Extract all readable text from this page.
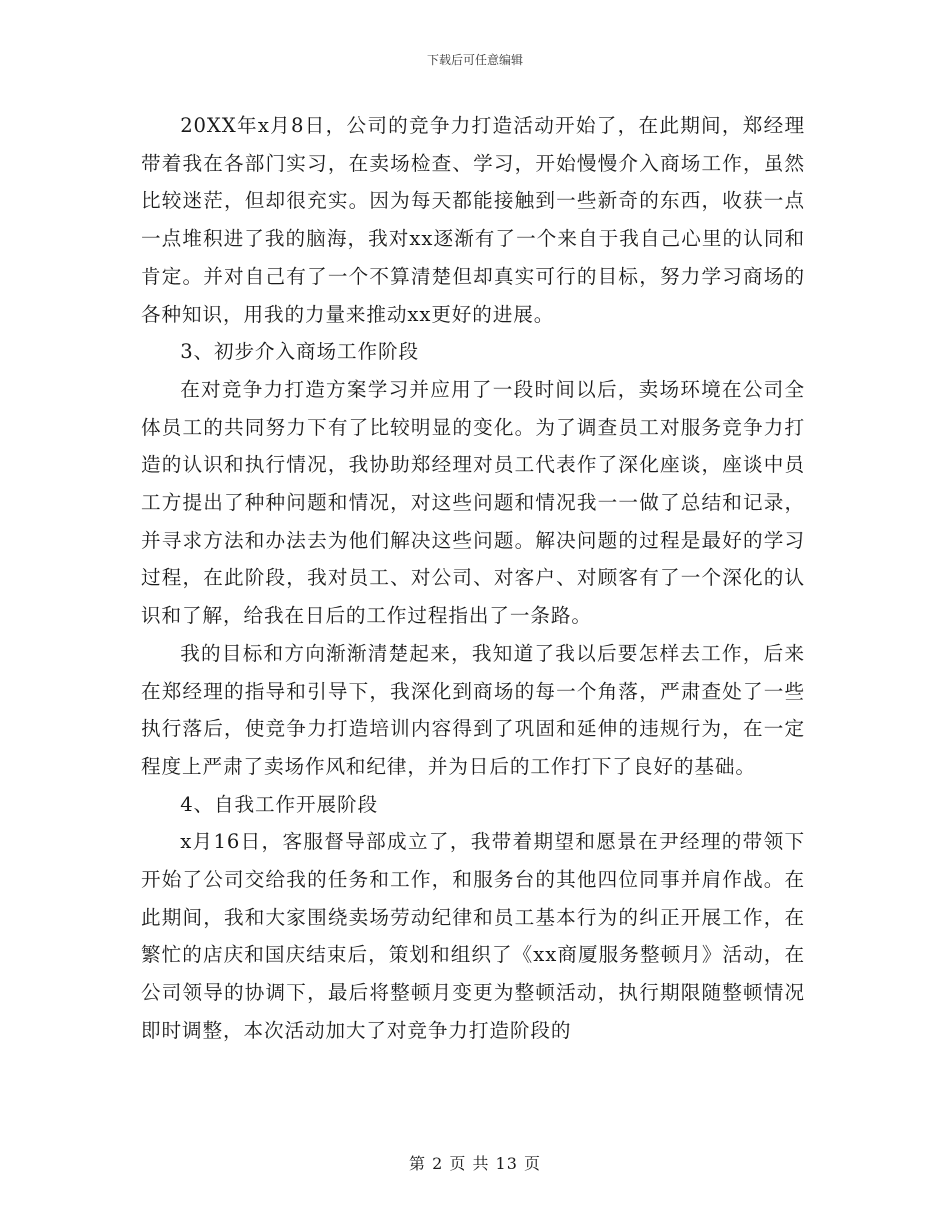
下载后可任意编辑

20XX年x月8日，公司的竞争力打造活动开始了，在此期间，郑经理带着我在各部门实习，在卖场检查、学习，开始慢慢介入商场工作，虽然比较迷茫，但却很充实。因为每天都能接触到一些新奇的东西，收获一点一点堆积进了我的脑海，我对xx逐渐有了一个来自于我自己心里的认同和肯定。并对自己有了一个不算清楚但却真实可行的目标，努力学习商场的各种知识，用我的力量来推动xx更好的进展。

3、初步介入商场工作阶段

在对竞争力打造方案学习并应用了一段时间以后，卖场环境在公司全体员工的共同努力下有了比较明显的变化。为了调查员工对服务竞争力打造的认识和执行情况，我协助郑经理对员工代表作了深化座谈，座谈中员工方提出了种种问题和情况，对这些问题和情况我一一做了总结和记录，并寻求方法和办法去为他们解决这些问题。解决问题的过程是最好的学习过程，在此阶段，我对员工、对公司、对客户、对顾客有了一个深化的认识和了解，给我在日后的工作过程指出了一条路。

我的目标和方向渐渐清楚起来，我知道了我以后要怎样去工作，后来在郑经理的指导和引导下，我深化到商场的每一个角落，严肃查处了一些执行落后，使竞争力打造培训内容得到了巩固和延伸的违规行为，在一定程度上严肃了卖场作风和纪律，并为日后的工作打下了良好的基础。

4、自我工作开展阶段

x月16日，客服督导部成立了，我带着期望和愿景在尹经理的带领下开始了公司交给我的任务和工作，和服务台的其他四位同事并肩作战。在此期间，我和大家围绕卖场劳动纪律和员工基本行为的纠正开展工作，在繁忙的店庆和国庆结束后，策划和组织了《xx商厦服务整顿月》活动，在公司领导的协调下，最后将整顿月变更为整顿活动，执行期限随整顿情况即时调整，本次活动加大了对竞争力打造阶段的

第 2 页 共 13 页
